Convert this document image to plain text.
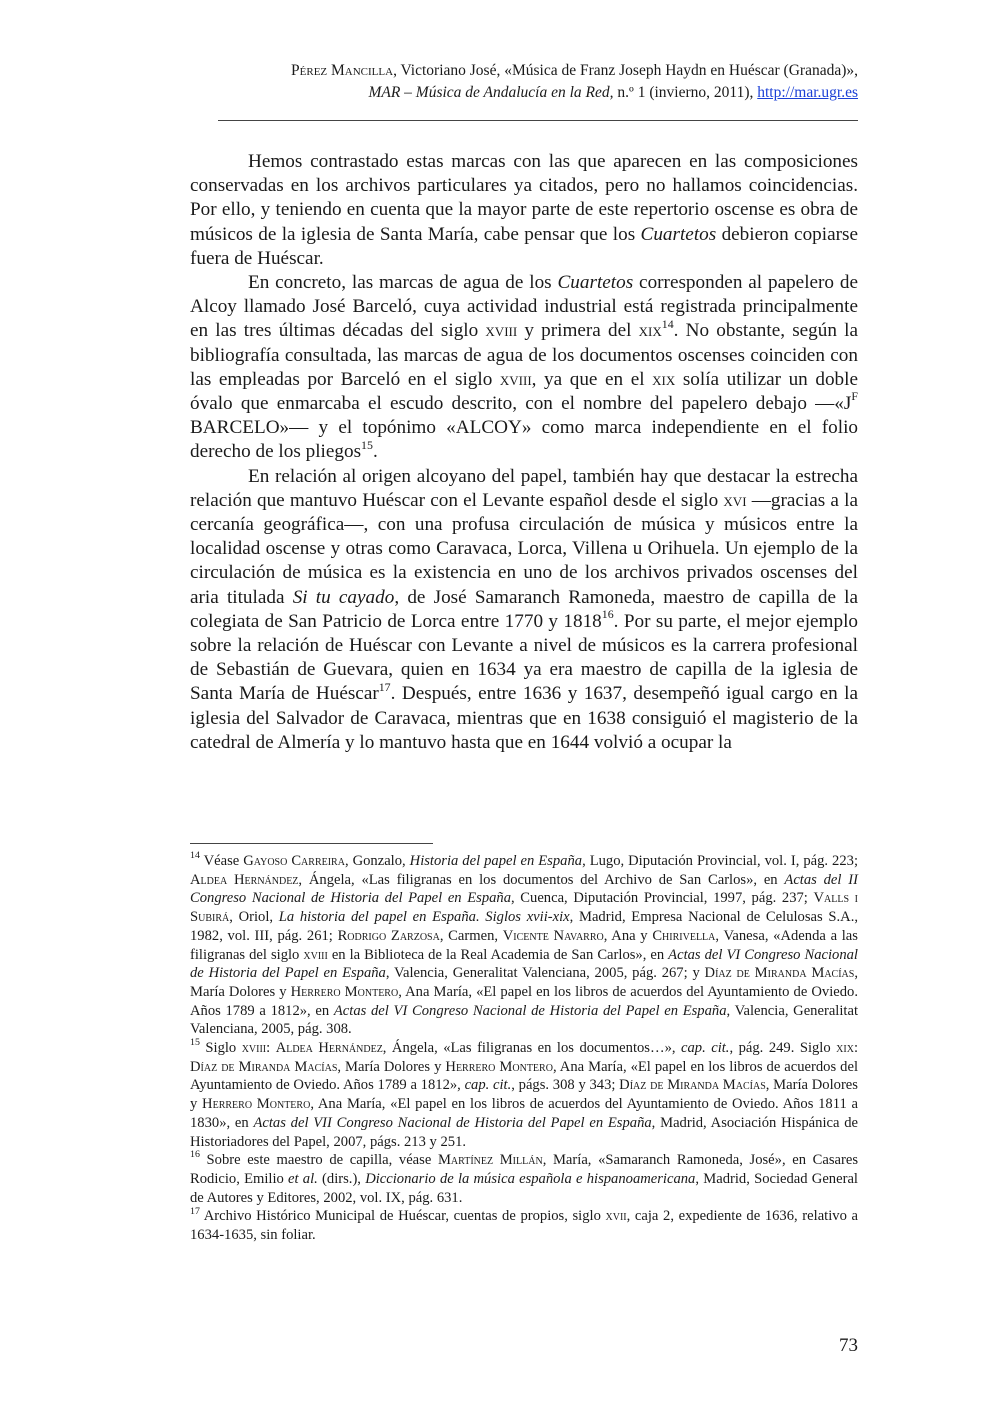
Pérez Mancilla, Victoriano José, «Música de Franz Joseph Haydn en Huéscar (Granada)»,
MAR – Música de Andalucía en la Red, n.º 1 (invierno, 2011), http://mar.ugr.es

Hemos contrastado estas marcas con las que aparecen en las composiciones conservadas en los archivos particulares ya citados, pero no hallamos coincidencias. Por ello, y teniendo en cuenta que la mayor parte de este repertorio oscense es obra de músicos de la iglesia de Santa María, cabe pensar que los Cuartetos debieron copiarse fuera de Huéscar.

En concreto, las marcas de agua de los Cuartetos corresponden al papelero de Alcoy llamado José Barceló, cuya actividad industrial está registrada principalmente en las tres últimas décadas del siglo xviii y primera del xix$^{14}$. No obstante, según la bibliografía consultada, las marcas de agua de los documentos oscenses coinciden con las empleadas por Barceló en el siglo xviii, ya que en el xix solía utilizar un doble óvalo que enmarcaba el escudo descrito, con el nombre del papelero debajo $—«J^F$ BARCELO»— y el topónimo «ALCOY» como marca independiente en el folio derecho de los pliegos$^{15}$.

En relación al origen alcoyano del papel, también hay que destacar la estrecha relación que mantuvo Huéscar con el Levante español desde el siglo xvi —gracias a la cercanía geográfica—, con una profusa circulación de música y músicos entre la localidad oscense y otras como Caravaca, Lorca, Villena u Orihuela. Un ejemplo de la circulación de música es la existencia en uno de los archivos privados oscenses del aria titulada Si tu cayado, de José Samaranch Ramoneda, maestro de capilla de la colegiata de San Patricio de Lorca entre 1770 y 1818$^{16}$. Por su parte, el mejor ejemplo sobre la relación de Huéscar con Levante a nivel de músicos es la carrera profesional de Sebastián de Guevara, quien en 1634 ya era maestro de capilla de la iglesia de Santa María de Huéscar$^{17}$. Después, entre 1636 y 1637, desempeñó igual cargo en la iglesia del Salvador de Caravaca, mientras que en 1638 consiguió el magisterio de la catedral de Almería y lo mantuvo hasta que en 1644 volvió a ocupar la

$^{14}$ Véase Gayoso Carreira, Gonzalo, Historia del papel en España, Lugo, Diputación Provincial, vol. I, pág. 223; Aldea Hernández, Ángela, «Las filigranas en los documentos del Archivo de San Carlos», en Actas del II Congreso Nacional de Historia del Papel en España, Cuenca, Diputación Provincial, 1997, pág. 237; Valls i Subirá, Oriol, La historia del papel en España. Siglos xvii-xix, Madrid, Empresa Nacional de Celulosas S.A., 1982, vol. III, pág. 261; Rodrigo Zarzosa, Carmen, Vicente Navarro, Ana y Chirivella, Vanesa, «Adenda a las filigranas del siglo xviii en la Biblioteca de la Real Academia de San Carlos», en Actas del VI Congreso Nacional de Historia del Papel en España, Valencia, Generalitat Valenciana, 2005, pág. 267; y Díaz de Miranda Macías, María Dolores y Herrero Montero, Ana María, «El papel en los libros de acuerdos del Ayuntamiento de Oviedo. Años 1789 a 1812», en Actas del VI Congreso Nacional de Historia del Papel en España, Valencia, Generalitat Valenciana, 2005, pág. 308.

$^{15}$ Siglo xviii: Aldea Hernández, Ángela, «Las filigranas en los documentos…», cap. cit., pág. 249. Siglo xix: Díaz de Miranda Macías, María Dolores y Herrero Montero, Ana María, «El papel en los libros de acuerdos del Ayuntamiento de Oviedo. Años 1789 a 1812», cap. cit., págs. 308 y 343; Díaz de Miranda Macías, María Dolores y Herrero Montero, Ana María, «El papel en los libros de acuerdos del Ayuntamiento de Oviedo. Años 1811 a 1830», en Actas del VII Congreso Nacional de Historia del Papel en España, Madrid, Asociación Hispánica de Historiadores del Papel, 2007, págs. 213 y 251.

$^{16}$ Sobre este maestro de capilla, véase Martínez Millán, María, «Samaranch Ramoneda, José», en Casares Rodicio, Emilio et al. (dirs.), Diccionario de la música española e hispanoamericana, Madrid, Sociedad General de Autores y Editores, 2002, vol. IX, pág. 631.

$^{17}$ Archivo Histórico Municipal de Huéscar, cuentas de propios, siglo xvii, caja 2, expediente de 1636, relativo a 1634-1635, sin foliar.

73
